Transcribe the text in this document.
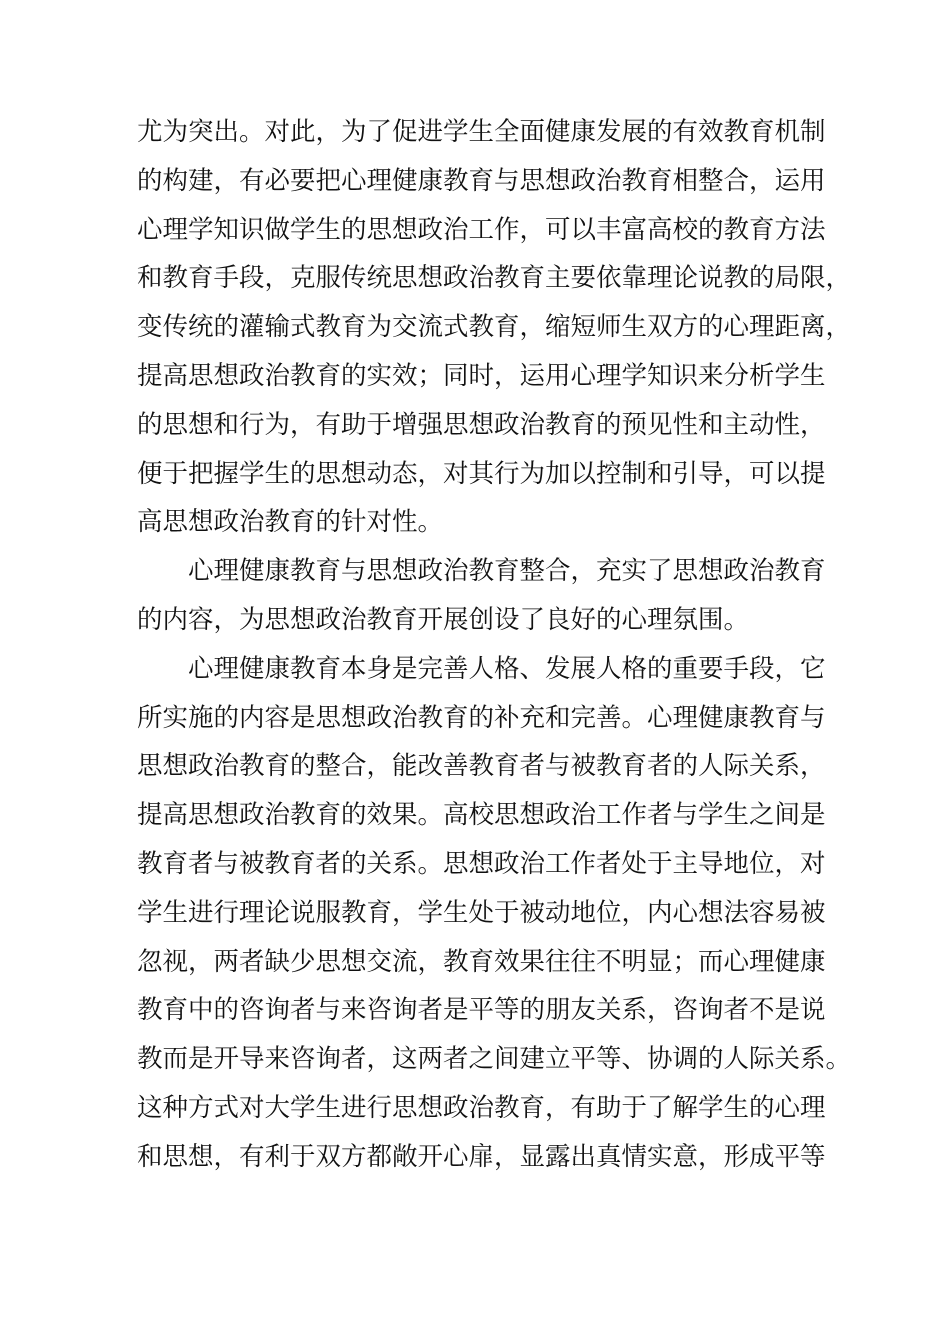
尤为突出。对此，为了促进学生全面健康发展的有效教育机制
的构建，有必要把心理健康教育与思想政治教育相整合，运用
心理学知识做学生的思想政治工作，可以丰富高校的教育方法
和教育手段，克服传统思想政治教育主要依靠理论说教的局限，
变传统的灌输式教育为交流式教育，缩短师生双方的心理距离，
提高思想政治教育的实效；同时，运用心理学知识来分析学生
的思想和行为，有助于增强思想政治教育的预见性和主动性，
便于把握学生的思想动态，对其行为加以控制和引导，可以提
高思想政治教育的针对性。
心理健康教育与思想政治教育整合，充实了思想政治教育
的内容，为思想政治教育开展创设了良好的心理氛围。
心理健康教育本身是完善人格、发展人格的重要手段，它
所实施的内容是思想政治教育的补充和完善。心理健康教育与
思想政治教育的整合，能改善教育者与被教育者的人际关系，
提高思想政治教育的效果。高校思想政治工作者与学生之间是
教育者与被教育者的关系。思想政治工作者处于主导地位，对
学生进行理论说服教育，学生处于被动地位，内心想法容易被
忽视，两者缺少思想交流，教育效果往往不明显；而心理健康
教育中的咨询者与来咨询者是平等的朋友关系，咨询者不是说
教而是开导来咨询者，这两者之间建立平等、协调的人际关系。
这种方式对大学生进行思想政治教育，有助于了解学生的心理
和思想，有利于双方都敞开心扉，显露出真情实意，形成平等
